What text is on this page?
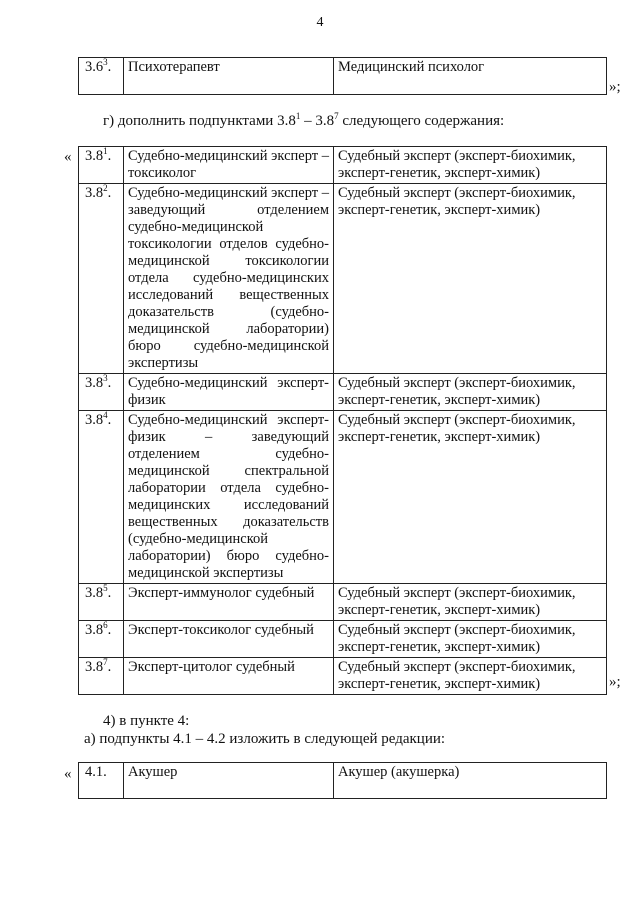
4
$3.6^3$.	Психотерапевт	Медицинский психолог
»;
г) дополнить подпунктами $3.8^1 - 3.8^7$ следующего содержания:
« $3.8^1$.	Судебно-медицинский эксперт – токсиколог	Судебный эксперт (эксперт-биохимик, эксперт-генетик, эксперт-химик)
$3.8^2$.	Судебно-медицинский эксперт – заведующий отделением судебно-медицинской токсикологии отделов судебно-медицинской токсикологии отдела судебно-медицинских исследований вещественных доказательств (судебно-медицинской лаборатории) бюро судебно-медицинской экспертизы	Судебный эксперт (эксперт-биохимик, эксперт-генетик, эксперт-химик)
$3.8^3$.	Судебно-медицинский эксперт-физик	Судебный эксперт (эксперт-биохимик, эксперт-генетик, эксперт-химик)
$3.8^4$.	Судебно-медицинский эксперт-физик – заведующий отделением судебно-медицинской спектральной лаборатории отдела судебно-медицинских исследований вещественных доказательств (судебно-медицинской лаборатории) бюро судебно-медицинской экспертизы	Судебный эксперт (эксперт-биохимик, эксперт-генетик, эксперт-химик)
$3.8^5$.	Эксперт-иммунолог судебный	Судебный эксперт (эксперт-биохимик, эксперт-генетик, эксперт-химик)
$3.8^6$.	Эксперт-токсиколог судебный	Судебный эксперт (эксперт-биохимик, эксперт-генетик, эксперт-химик)
$3.8^7$.	Эксперт-цитолог судебный	Судебный эксперт (эксперт-биохимик, эксперт-генетик, эксперт-химик)	»;
4) в пункте 4:
а) подпункты 4.1 – 4.2 изложить в следующей редакции:
« 4.1.	Акушер	Акушер (акушерка)
